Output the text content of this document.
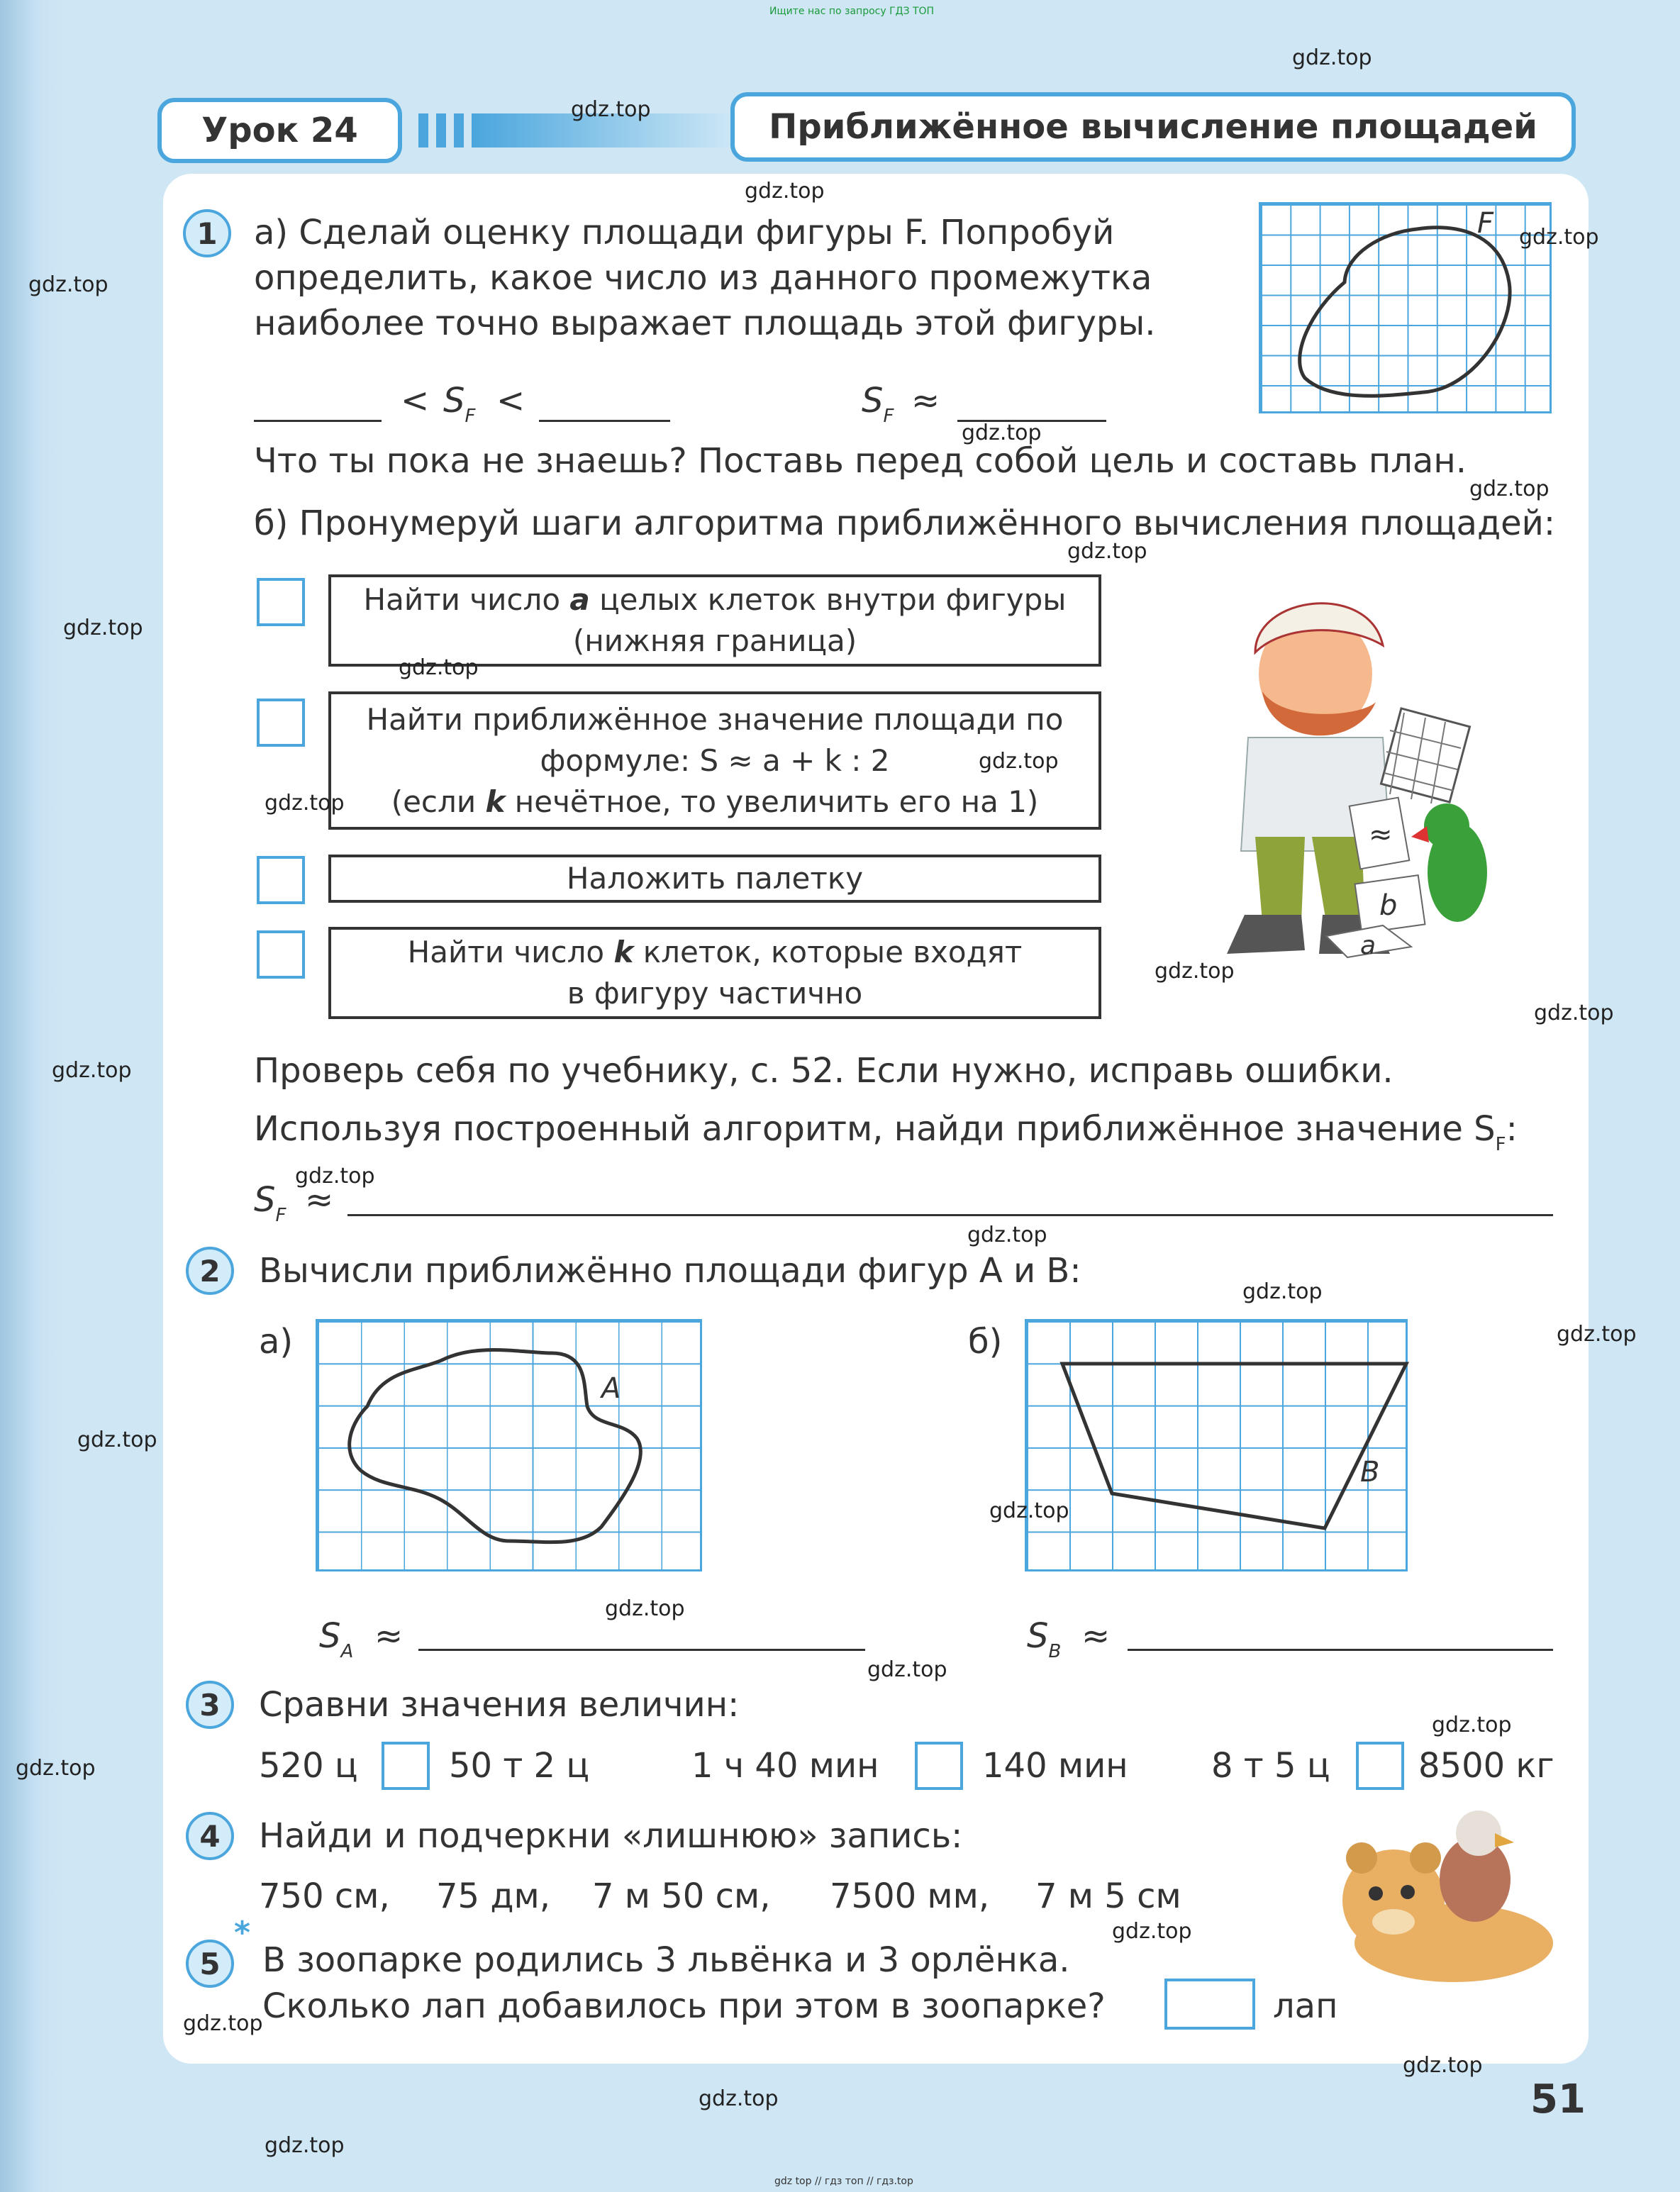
Ищите нас по запросу ГДЗ ТОП
Урок 24	Приближённое вычисление площадей
1	а) Сделай оценку площади фигуры F. Попробуй
определить, какое число из данного промежутка
наиболее точно выражает площадь этой фигуры.
F
< $S_F$ <	$S_F$ ≈
Что ты пока не знаешь? Поставь перед собой цель и составь план.
б) Пронумеруй шаги алгоритма приближённого вычисления площадей:
Найти число a целых клеток внутри фигуры
(нижняя граница)
Найти приближённое значение площади по
формуле: S ≈ a + k : 2
(если k нечётное, то увеличить его на 1)
Наложить палетку
Найти число k клеток, которые входят
в фигуру частично
≈
b
a
Проверь себя по учебнику, с. 52. Если нужно, исправь ошибки.
Используя построенный алгоритм, найди приближённое значение $S_F$:
$S_F$ ≈
2	Вычисли приближённо площади фигур A и B:
а)
A
б)
B
$S_A$ ≈	$S_B$ ≈
3	Сравни значения величин:
520 ц	50 т 2 ц	1 ч 40 мин	140 мин 8 т 5 ц	8500 кг
4	Найди и подчеркни «лишнюю» запись:
750 см, 75 дм, 7 м 50 см, 7500 мм, 7 м 5 см
*
5	В зоопарке родились 3 львёнка и 3 орлёнка.
Сколько лап добавилось при этом в зоопарке?	лап
51
gdz top // гдз топ // гдз.top
gdz.top
gdz.top
gdz.top
gdz.top
gdz.top
gdz.top
gdz.top
gdz.top
gdz.top
gdz.top
gdz.top
gdz.top
gdz.top
gdz.top
gdz.top
gdz.top
gdz.top
gdz.top
gdz.top
gdz.top
gdz.top
gdz.top
gdz.top
gdz.top
gdz.top
gdz.top
gdz.top
gdz.top
gdz.top
gdz.top
